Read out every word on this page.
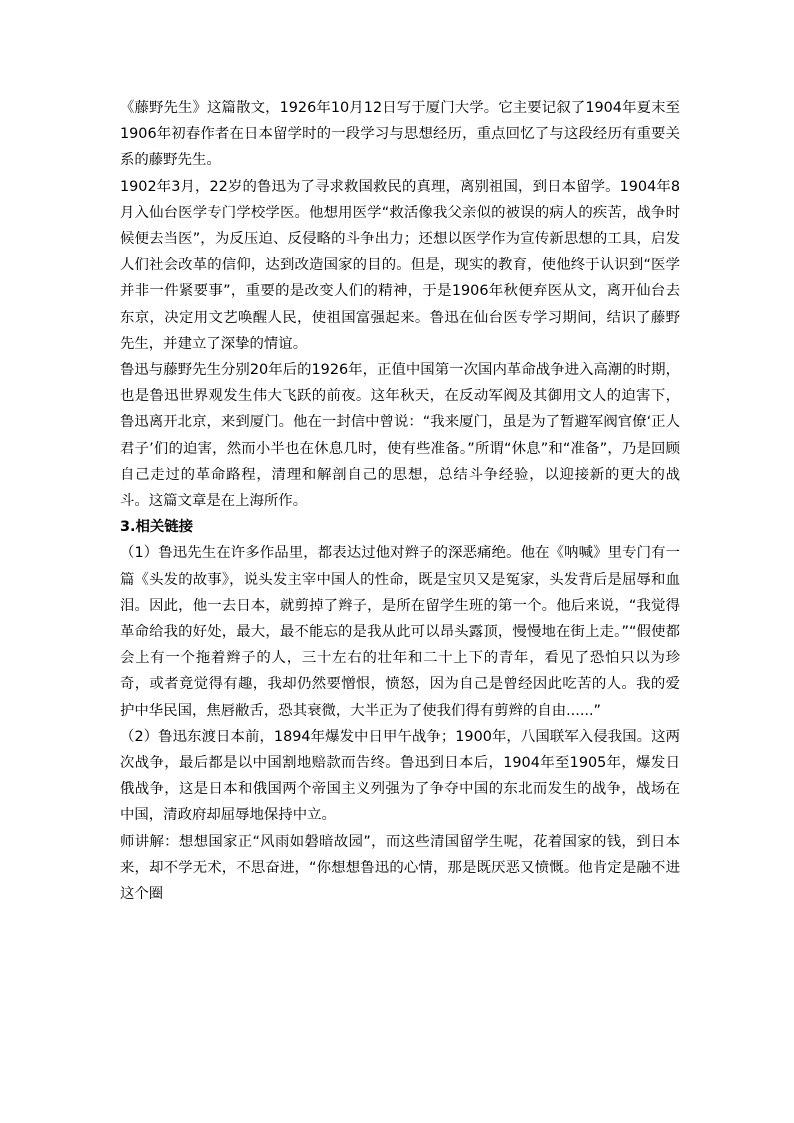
《藤野先生》这篇散文，1926年10月12日写于厦门大学。它主要记叙了1904年夏末至1906年初春作者在日本留学时的一段学习与思想经历，重点回忆了与这段经历有重要关系的藤野先生。

1902年3月，22岁的鲁迅为了寻求救国救民的真理，离别祖国，到日本留学。1904年8月入仙台医学专门学校学医。他想用医学“救活像我父亲似的被误的病人的疾苦，战争时候便去当医”，为反压迫、反侵略的斗争出力；还想以医学作为宣传新思想的工具，启发人们社会改革的信仰，达到改造国家的目的。但是，现实的教育，使他终于认识到“医学并非一件紧要事”，重要的是改变人们的精神，于是1906年秋便弃医从文，离开仙台去东京，决定用文艺唤醒人民，使祖国富强起来。鲁迅在仙台医专学习期间，结识了藤野先生，并建立了深挚的情谊。

鲁迅与藤野先生分别20年后的1926年，正值中国第一次国内革命战争进入高潮的时期，也是鲁迅世界观发生伟大飞跃的前夜。这年秋天，在反动军阀及其御用文人的迫害下，鲁迅离开北京，来到厦门。他在一封信中曾说：“我来厦门，虽是为了暂避军阀官僚‘正人君子’们的迫害，然而小半也在休息几时，使有些准备。”所谓“休息”和“准备”，乃是回顾自己走过的革命路程，清理和解剖自己的思想，总结斗争经验，以迎接新的更大的战斗。这篇文章是在上海所作。

3.相关链接

（1）鲁迅先生在许多作品里，都表达过他对辫子的深恶痛绝。他在《呐喊》里专门有一篇《头发的故事》，说头发主宰中国人的性命，既是宝贝又是冤家，头发背后是屈辱和血泪。因此，他一去日本，就剪掉了辫子，是所在留学生班的第一个。他后来说，“我觉得革命给我的好处，最大，最不能忘的是我从此可以昂头露顶，慢慢地在街上走。”“假使都会上有一个拖着辫子的人，三十左右的壮年和二十上下的青年，看见了恐怕只以为珍奇，或者竟觉得有趣，我却仍然要憎恨，愤怒，因为自己是曾经因此吃苦的人。我的爱护中华民国，焦唇敝舌，恐其衰微，大半正为了使我们得有剪辫的自由......”

（2）鲁迅东渡日本前，1894年爆发中日甲午战争；1900年，八国联军入侵我国。这两次战争，最后都是以中国割地赔款而告终。鲁迅到日本后，1904年至1905年，爆发日俄战争，这是日本和俄国两个帝国主义列强为了争夺中国的东北而发生的战争，战场在中国，清政府却屈辱地保持中立。

师讲解：想想国家正“风雨如磐暗故园”，而这些清国留学生呢，花着国家的钱，到日本来，却不学无术，不思奋进，“你想想鲁迅的心情，那是既厌恶又愤慨。他肯定是融不进这个圈
